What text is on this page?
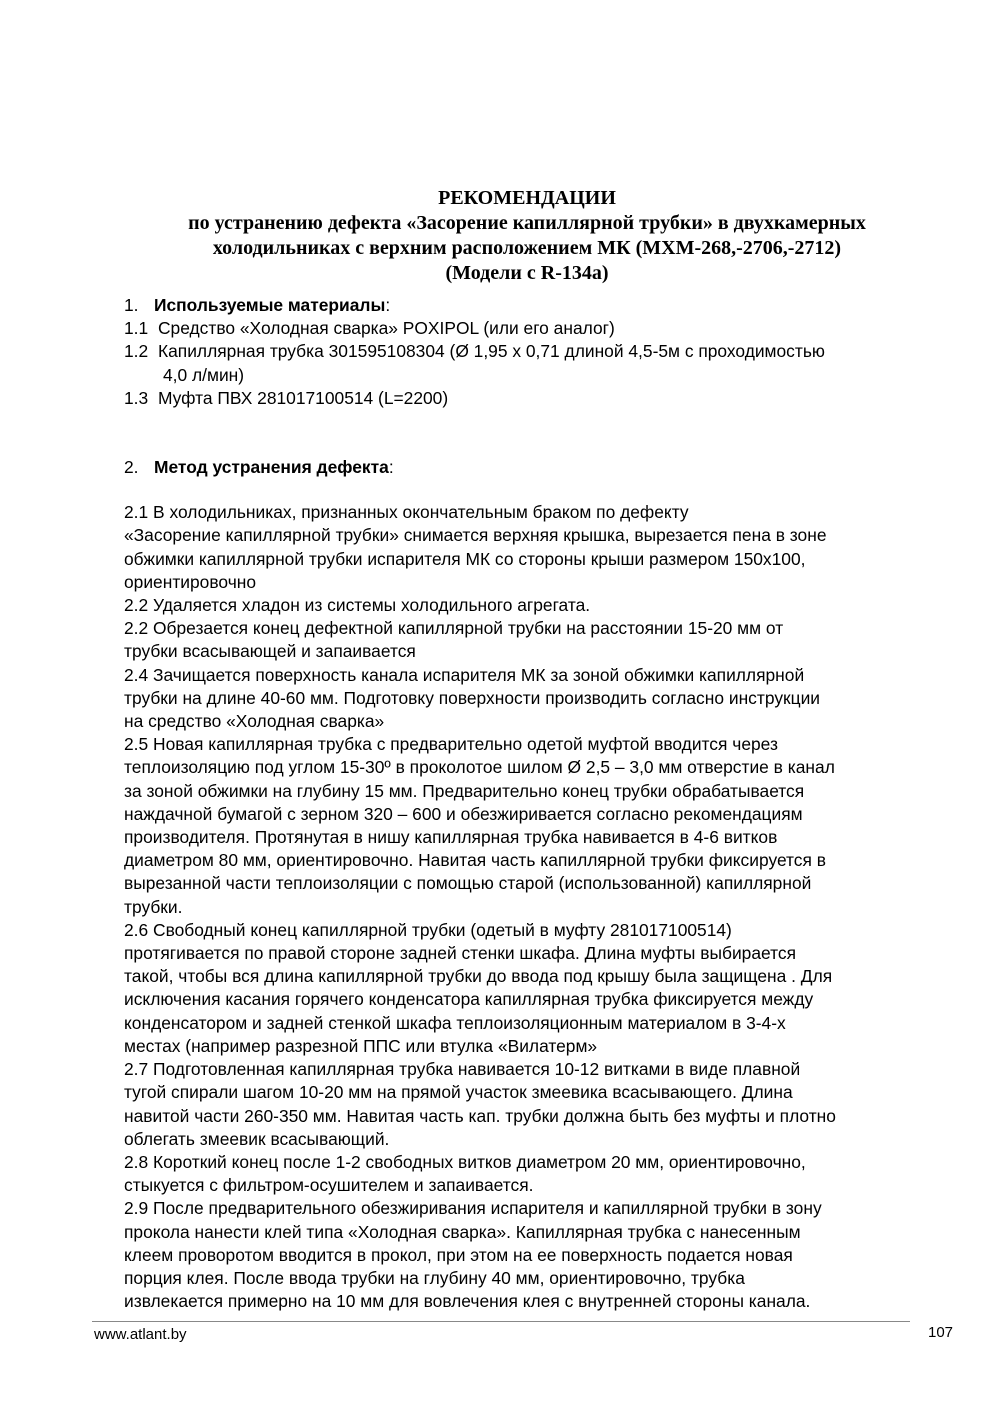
РЕКОМЕНДАЦИИ
по устранению дефекта «Засорение капиллярной трубки» в двухкамерных
холодильниках с верхним расположением МК (МХМ-268,-2706,-2712)
(Модели с R-134а)
1. Используемые материалы:
1.1 Средство «Холодная сварка» POXIPOL (или его аналог)
1.2 Капиллярная трубка 301595108304 (Ø 1,95 х 0,71 длиной 4,5-5м с проходимостью
4,0 л/мин)
1.3 Муфта ПВХ 281017100514 (L=2200)
2. Метод устранения дефекта:
2.1 В холодильниках, признанных окончательным браком по дефекту
«Засорение капиллярной трубки» снимается верхняя крышка, вырезается пена в зоне
обжимки капиллярной трубки испарителя МК со стороны крыши размером 150х100,
ориентировочно
2.2 Удаляется хладон из системы холодильного агрегата.
2.2 Обрезается конец дефектной капиллярной трубки на расстоянии 15-20 мм от
трубки всасывающей и запаивается
2.4 Зачищается поверхность канала испарителя МК за зоной обжимки капиллярной
трубки на длине 40-60 мм. Подготовку поверхности производить согласно инструкции
на средство «Холодная сварка»
2.5 Новая капиллярная трубка с предварительно одетой муфтой вводится через
теплоизоляцию под углом 15-30º в проколотое шилом Ø 2,5 – 3,0 мм отверстие в канал
за зоной обжимки на глубину 15 мм. Предварительно конец трубки обрабатывается
наждачной бумагой с зерном 320 – 600 и обезжиривается согласно рекомендациям
производителя. Протянутая в нишу капиллярная трубка навивается в 4-6 витков
диаметром 80 мм, ориентировочно. Навитая часть капиллярной трубки фиксируется в
вырезанной части теплоизоляции с помощью старой (использованной) капиллярной
трубки.
2.6 Свободный конец капиллярной трубки (одетый в муфту 281017100514)
протягивается по правой стороне задней стенки шкафа. Длина муфты выбирается
такой, чтобы вся длина капиллярной трубки до ввода под крышу была защищена . Для
исключения касания горячего конденсатора капиллярная трубка фиксируется между
конденсатором и задней стенкой шкафа теплоизоляционным материалом в 3-4-х
местах (например разрезной ППС или втулка «Вилатерм»
2.7 Подготовленная капиллярная трубка навивается 10-12 витками в виде плавной
тугой спирали шагом 10-20 мм на прямой участок змеевика всасывающего. Длина
навитой части 260-350 мм. Навитая часть кап. трубки должна быть без муфты и плотно
облегать змеевик всасывающий.
2.8 Короткий конец после 1-2 свободных витков диаметром 20 мм, ориентировочно,
стыкуется с фильтром-осушителем и запаивается.
2.9 После предварительного обезжиривания испарителя и капиллярной трубки в зону
прокола нанести клей типа «Холодная сварка». Капиллярная трубка с нанесенным
клеем проворотом вводится в прокол, при этом на ее поверхность подается новая
порция клея. После ввода трубки на глубину 40 мм, ориентировочно, трубка
извлекается примерно на 10 мм для вовлечения клея с внутренней стороны канала.
www.atlant.by	107
